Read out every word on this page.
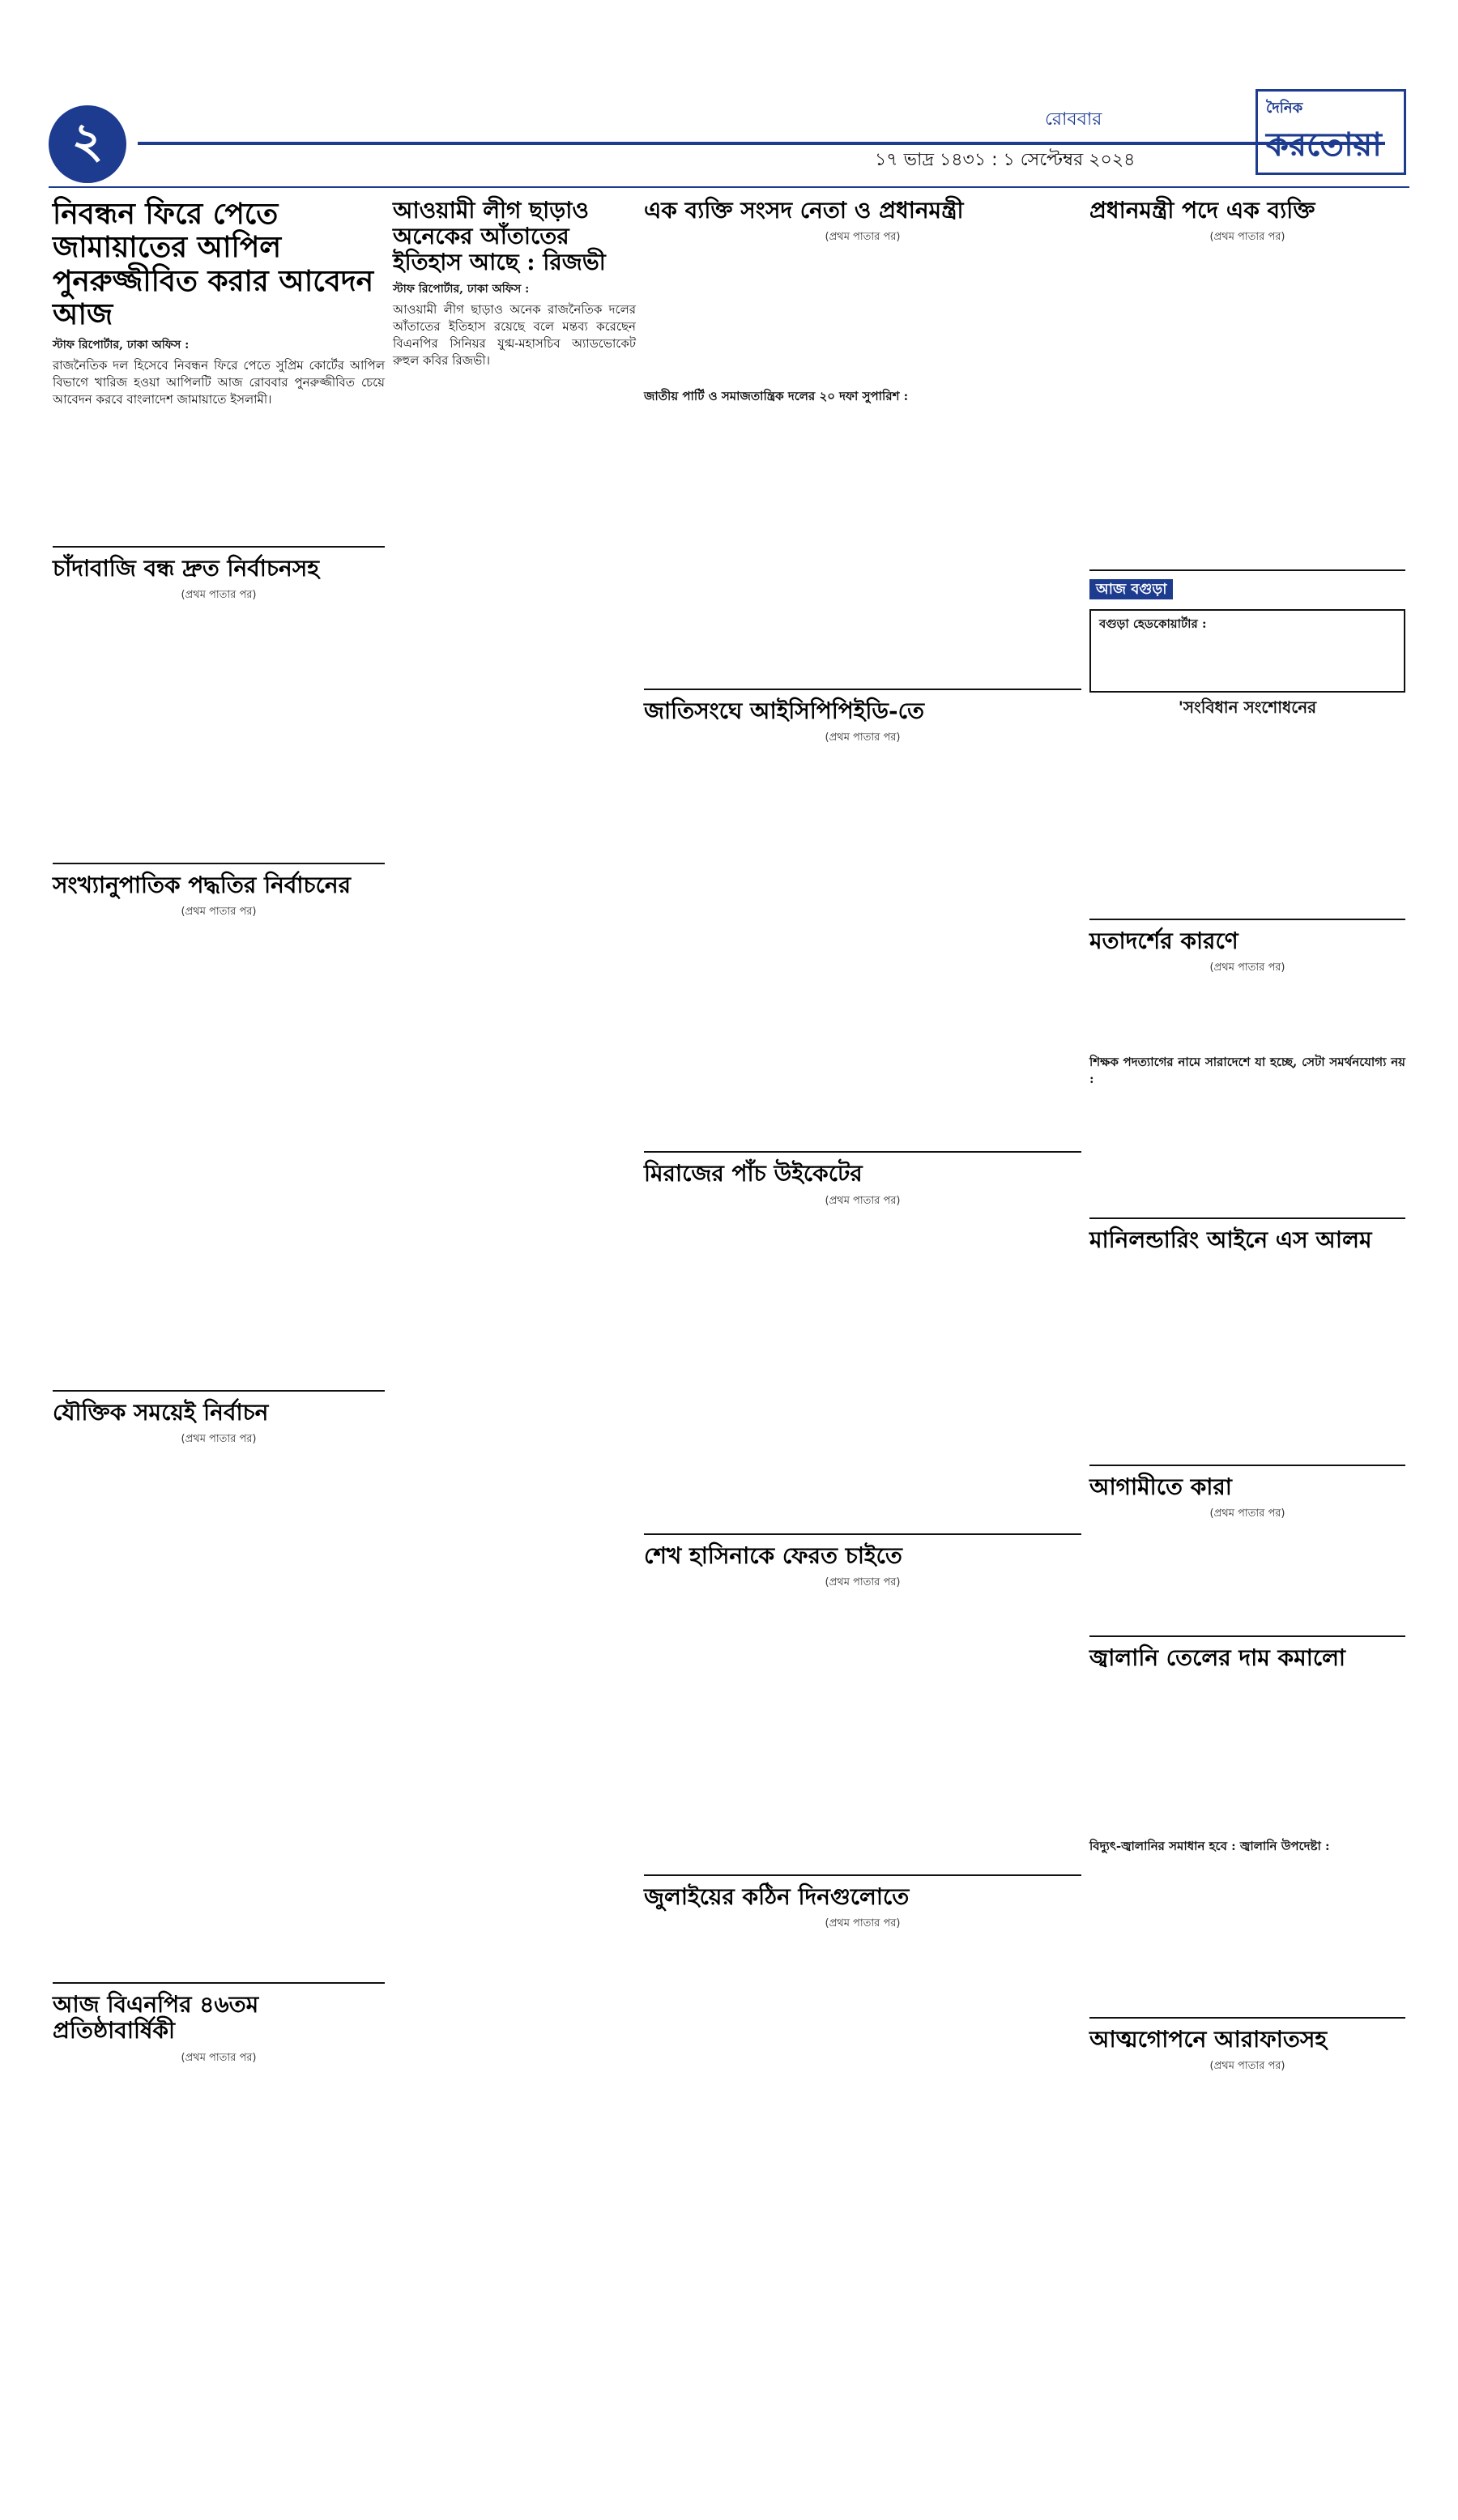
২	রোববার
১৭ ভাদ্র ১৪৩১ : ১ সেপ্টেম্বর ২০২৪
দৈনিক
করতোয়া
নিবন্ধন ফিরে পেতে জামায়াতের আপিল পুনরুজ্জীবিত করার আবেদন আজ
স্টাফ রিপোর্টার, ঢাকা অফিস :

রাজনৈতিক দল হিসেবে নিবন্ধন ফিরে পেতে সুপ্রিম কোর্টের আপিল বিভাগে খারিজ হওয়া আপিলটি আজ রোববার পুনরুজ্জীবিত চেয়ে আবেদন করবে বাংলাদেশ জামায়াতে ইসলামী।

চাঁদাবাজি বন্ধ দ্রুত নির্বাচনসহ
(প্রথম পাতার পর)
সংখ্যানুপাতিক পদ্ধতির নির্বাচনের
(প্রথম পাতার পর)
যৌক্তিক সময়েই নির্বাচন
(প্রথম পাতার পর)
আজ বিএনপির ৪৬তম প্রতিষ্ঠাবার্ষিকী
(প্রথম পাতার পর)
আওয়ামী লীগ ছাড়াও অনেকের আঁতাতের ইতিহাস আছে : রিজভী
স্টাফ রিপোর্টার, ঢাকা অফিস :

আওয়ামী লীগ ছাড়াও অনেক রাজনৈতিক দলের আঁতাতের ইতিহাস রয়েছে বলে মন্তব্য করেছেন বিএনপির সিনিয়র যুগ্ম-মহাসচিব অ্যাডভোকেট রুহুল কবির রিজভী।

এক ব্যক্তি সংসদ নেতা ও প্রধানমন্ত্রী
(প্রথম পাতার পর)

জাতীয় পার্টি ও সমাজতান্ত্রিক দলের ২০ দফা সুপারিশ :

জাতিসংঘে আইসিপিপিইডি-তে
(প্রথম পাতার পর)
মিরাজের পাঁচ উইকেটের
(প্রথম পাতার পর)
শেখ হাসিনাকে ফেরত চাইতে
(প্রথম পাতার পর)
জুলাইয়ের কঠিন দিনগুলোতে
(প্রথম পাতার পর)
প্রধানমন্ত্রী পদে এক ব্যক্তি
(প্রথম পাতার পর)
আজ বগুড়া

বগুড়া হেডকোয়ার্টার :

'সংবিধান সংশোধনের
মতাদর্শের কারণে
(প্রথম পাতার পর)

শিক্ষক পদত্যাগের নামে সারাদেশে যা হচ্ছে, সেটা সমর্থনযোগ্য নয় :

মানিলন্ডারিং আইনে এস আলম
আগামীতে কারা
(প্রথম পাতার পর)
জ্বালানি তেলের দাম কমালো

বিদ্যুৎ-জ্বালানির সমাধান হবে : জ্বালানি উপদেষ্টা :

আত্মগোপনে আরাফাতসহ
(প্রথম পাতার পর)
